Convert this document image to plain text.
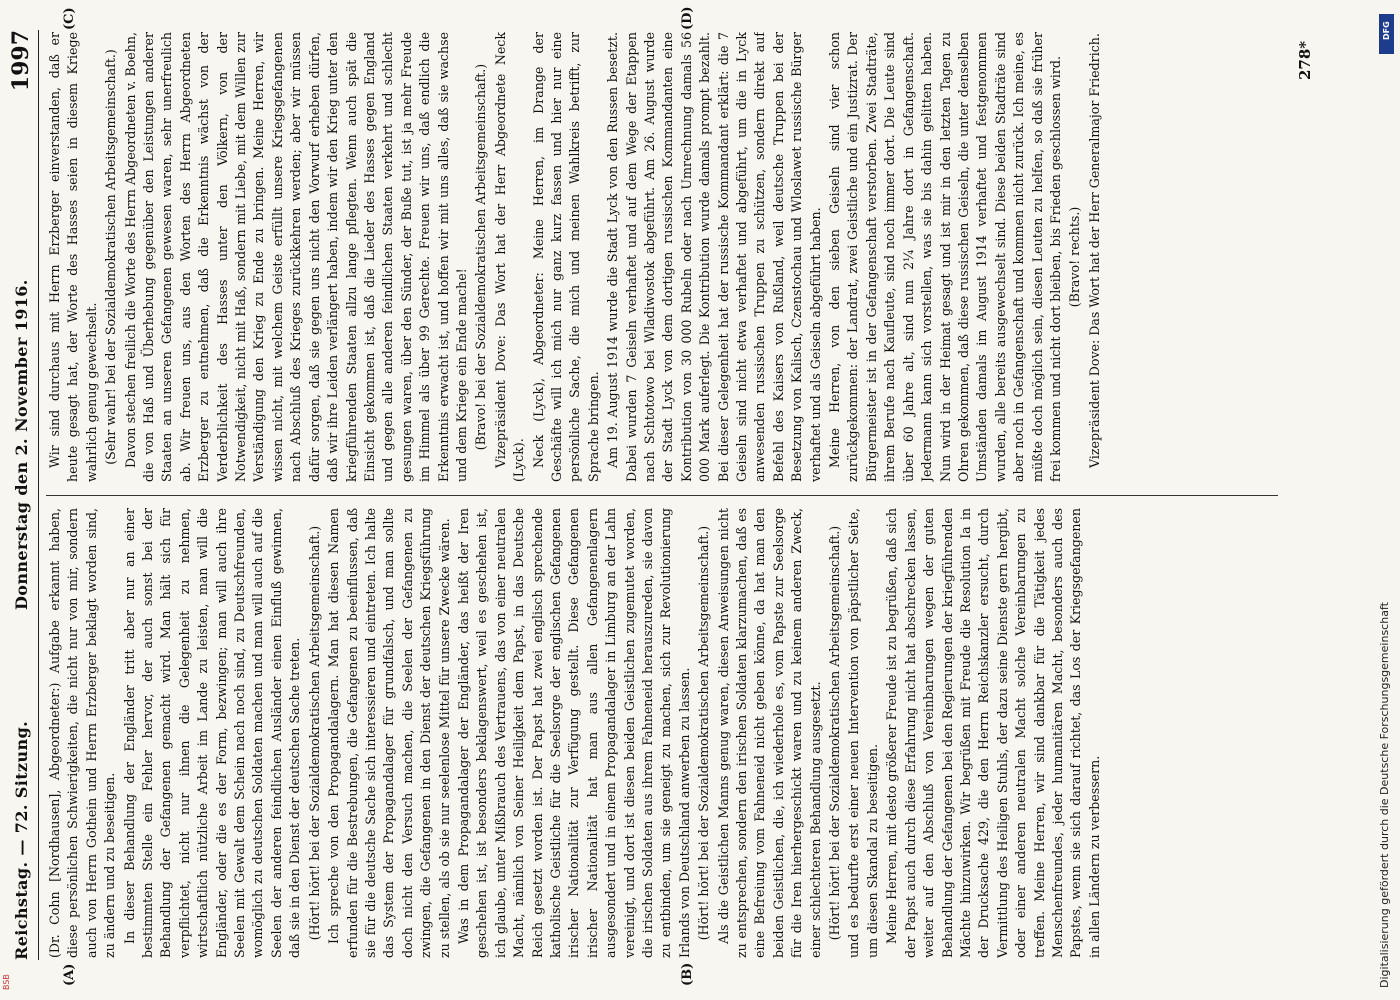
Reichstag. — 72. Sitzung.
Donnerstag den 2. November 1916.
1997
(A)	(B)
(C)	(D)

(Dr. Cohn [Nordhausen], Abgeordneter:) Aufgabe erkannt haben, diese persönlichen Schwierigkeiten, die nicht nur von mir, sondern auch von Herrn Gothein und Herrn Erzberger beklagt worden sind, zu ändern und zu beseitigen. In dieser Behandlung der Engländer tritt aber nur an einer bestimmten Stelle ein Fehler hervor, der auch sonst bei der Behandlung der Gefangenen gemacht wird. Man hält sich für verpflichtet, nicht nur ihnen die Gelegenheit zu nehmen, wirtschaftlich nützliche Arbeit im Lande zu leisten, man will die Engländer, oder die es der Form, bezwingen; man will auch ihre Seelen mit Gewalt dem Schein nach noch sind, zu Deutschfreunden, womöglich zu deutschen Soldaten machen und man will auch auf die Seelen der anderen feindlichen Ausländer einen Einfluß gewinnen, daß sie in den Dienst der deutschen Sache treten. (Hört! hört! bei der Sozialdemokratischen Arbeitsgemeinschaft.) Ich spreche von den Propagandalagern. Man hat diesen Namen erfunden für die Bestrebungen, die Gefangenen zu beeinflussen, daß sie für die deutsche Sache sich interessieren und eintreten. Ich halte das System der Propagandalager für grundfalsch, und man sollte doch nicht den Versuch machen, die Seelen der Gefangenen zu zwingen, die Gefangenen in den Dienst der deutschen Kriegsführung zu stellen, als ob sie nur seelenlose Mittel für unsere Zwecke wären. Was in dem Propagandalager der Engländer, das heißt der Iren geschehen ist, ist besonders beklagenswert, weil es geschehen ist, ich glaube, unter Mißbrauch des Vertrauens, das von einer neutralen Macht, nämlich von Seiner Heiligkeit dem Papst, in das Deutsche Reich gesetzt worden ist. Der Papst hat zwei englisch sprechende katholische Geistliche für die Seelsorge der englischen Gefangenen irischer Nationalität zur Verfügung gestellt. Diese Gefangenen irischer Nationalität hat man aus allen Gefangenenlagern ausgesondert und in einem Propagandalager in Limburg an der Lahn vereinigt, und dort ist diesen beiden Geistlichen zugemutet worden, die irischen Soldaten aus ihrem Fahneneid herauszureden, sie davon zu entbinden, um sie geneigt zu machen, sich zur Revolutionierung Irlands von Deutschland anwerben zu lassen. (Hört! hört! bei der Sozialdemokratischen Arbeitsgemeinschaft.) Als die Geistlichen Manns genug waren, diesen Anweisungen nicht zu entsprechen, sondern den irischen Soldaten klarzumachen, daß es eine Befreiung vom Fahneneid nicht geben könne, da hat man den beiden Geistlichen, die, ich wiederhole es, vom Papste zur Seelsorge für die Iren hierhergeschickt waren und zu keinem anderen Zweck, einer schlechteren Behandlung ausgesetzt. (Hört! hört! bei der Sozialdemokratischen Arbeitsgemeinschaft.) und es bedurfte erst einer neuen Intervention von päpstlicher Seite, um diesen Skandal zu beseitigen. Meine Herren, mit desto größerer Freude ist zu begrüßen, daß sich der Papst auch durch diese Erfahrung nicht hat abschrecken lassen, weiter auf den Abschluß von Vereinbarungen wegen der guten Behandlung der Gefangenen bei den Regierungen der kriegführenden Mächte hinzuwirken. Wir begrüßen mit Freude die Resolution Ia in der Drucksache 429, die den Herrn Reichskanzler ersucht, durch Vermittlung des Heiligen Stuhls, der dazu seine Dienste gern hergibt, oder einer anderen neutralen Macht solche Vereinbarungen zu treffen. Meine Herren, wir sind dankbar für die Tätigkeit jedes Menschenfreundes, jeder humanitären Macht, besonders auch des Papstes, wenn sie sich darauf richtet, das Los der Kriegsgefangenen in allen Ländern zu verbessern.

Wir sind durchaus mit Herrn Erzberger einverstanden, daß er heute gesagt hat, der Worte des Hasses seien in diesem Kriege wahrlich genug gewechselt. (Sehr wahr! bei der Sozialdemokratischen Arbeitsgemeinschaft.) Davon stechen freilich die Worte des Herrn Abgeordneten v. Boehn, die von Haß und Überhebung gegenüber den Leistungen anderer Staaten an unseren Gefangenen gewesen waren, sehr unerfreulich ab. Wir freuen uns, aus den Worten des Herrn Abgeordneten Erzberger zu entnehmen, daß die Erkenntnis wächst von der Verderblichkeit des Hasses unter den Völkern, von der Notwendigkeit, nicht mit Haß, sondern mit Liebe, mit dem Willen zur Verständigung den Krieg zu Ende zu bringen. Meine Herren, wir wissen nicht, mit welchem Geiste erfüllt unsere Kriegsgefangenen nach Abschluß des Krieges zurückkehren werden; aber wir müssen dafür sorgen, daß sie gegen uns nicht den Vorwurf erheben dürfen, daß wir ihre Leiden verlängert haben, indem wir den Krieg unter den kriegführenden Staaten allzu lange pflegten. Wenn auch spät die Einsicht gekommen ist, daß die Lieder des Hasses gegen England und gegen alle anderen feindlichen Staaten verkehrt und schlecht gesungen waren, über den Sünder, der Buße tut, ist ja mehr Freude im Himmel als über 99 Gerechte. Freuen wir uns, daß endlich die Erkenntnis erwacht ist, und hoffen wir mit uns alles, daß sie wachse und dem Kriege ein Ende mache! (Bravo! bei der Sozialdemokratischen Arbeitsgemeinschaft.) Vizepräsident Dove: Das Wort hat der Herr Abgeordnete Neck (Lyck). Neck (Lyck), Abgeordneter: Meine Herren, im Drange der Geschäfte will ich mich nur ganz kurz fassen und hier nur eine persönliche Sache, die mich und meinen Wahlkreis betrifft, zur Sprache bringen. Am 19. August 1914 wurde die Stadt Lyck von den Russen besetzt. Dabei wurden 7 Geiseln verhaftet und auf dem Wege der Etappen nach Schtotowo bei Wladiwostok abgeführt. Am 26. August wurde der Stadt Lyck von dem dortigen russischen Kommandanten eine Kontribution von 30 000 Rubeln oder nach Umrechnung damals 56 000 Mark auferlegt. Die Kontribution wurde damals prompt bezahlt. Bei dieser Gelegenheit hat der russische Kommandant erklärt: die 7 Geiseln sind nicht etwa verhaftet und abgeführt, um die in Lyck anwesenden russischen Truppen zu schützen, sondern direkt auf Befehl des Kaisers von Rußland, weil deutsche Truppen bei der Besetzung von Kalisch, Czenstochau und Wloslawet russische Bürger verhaftet und als Geiseln abgeführt haben. Meine Herren, von den sieben Geiseln sind vier schon zurückgekommen: der Landrat, zwei Geistliche und ein Justizrat. Der Bürgermeister ist in der Gefangenschaft verstorben. Zwei Stadträte, ihrem Berufe nach Kaufleute, sind noch immer dort. Die Leute sind über 60 Jahre alt, sind nun 2¼ Jahre dort in Gefangenschaft. Jedermann kann sich vorstellen, was sie bis dahin gelitten haben. Nun wird in der Heimat gesagt und ist mir in den letzten Tagen zu Ohren gekommen, daß diese russischen Geiseln, die unter denselben Umständen damals im August 1914 verhaftet und festgenommen wurden, alle bereits ausgewechselt sind. Diese beiden Stadträte sind aber noch in Gefangenschaft und kommen nicht zurück. Ich meine, es müßte doch möglich sein, diesen Leuten zu helfen, so daß sie früher frei kommen und nicht dort bleiben, bis Frieden geschlossen wird. (Bravo! rechts.) Vizepräsident Dove: Das Wort hat der Herr Generalmajor Friedrich.	278*
DFG
Digitalisierung gefördert durch die Deutsche Forschungsgemeinschaft
BSB
